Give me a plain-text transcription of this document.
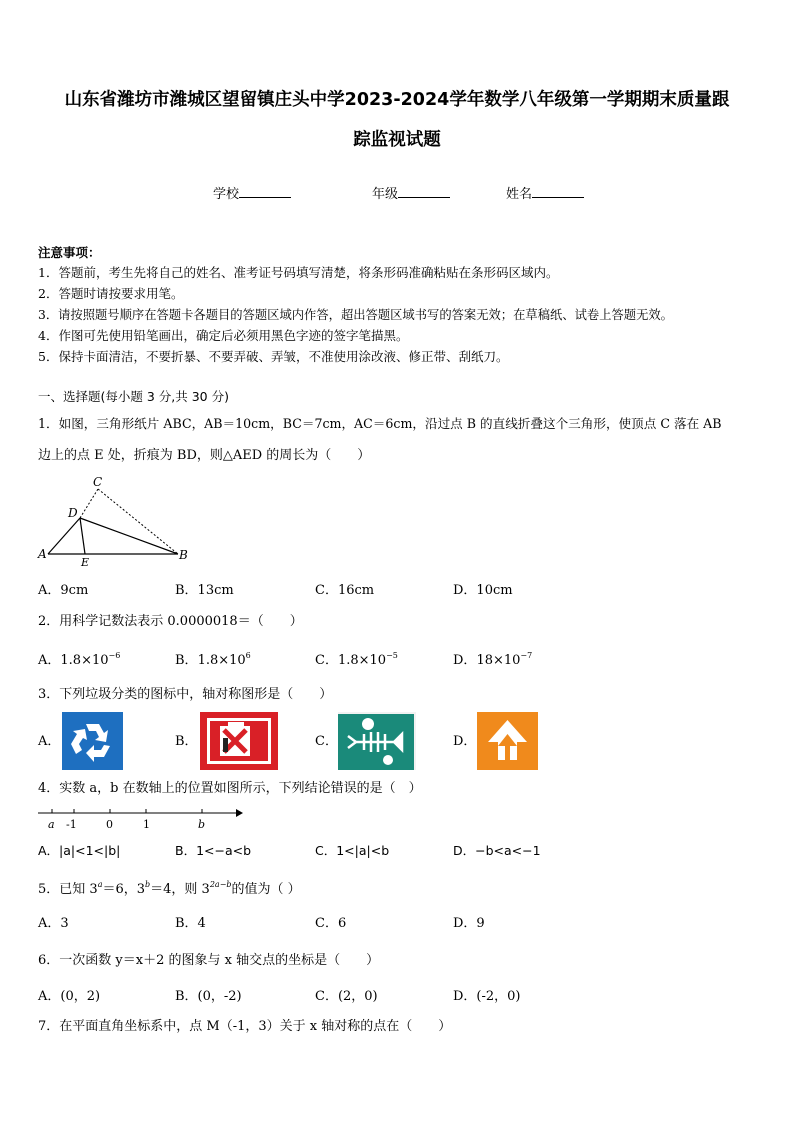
山东省潍坊市潍城区望留镇庄头中学2023-2024学年数学八年级第一学期期末质量跟
踪监视试题
学校	年级	姓名
注意事项：
1．答题前，考生先将自己的姓名、准考证号码填写清楚，将条形码准确粘贴在条形码区域内。
2．答题时请按要求用笔。
3．请按照题号顺序在答题卡各题目的答题区域内作答，超出答题区域书写的答案无效；在草稿纸、试卷上答题无效。
4．作图可先使用铅笔画出，确定后必须用黑色字迹的签字笔描黑。
5．保持卡面清洁，不要折暴、不要弄破、弄皱，不准使用涂改液、修正带、刮纸刀。
一、选择题(每小题 3 分,共 30 分)
1．如图，三角形纸片 ABC，AB＝10cm，BC＝7cm，AC＝6cm，沿过点 B 的直线折叠这个三角形，使顶点 C 落在 AB
边上的点 E 处，折痕为 BD，则△AED 的周长为（　　）
A	B
C
D
E
A．9cm	B．13cm	C．16cm	D．10cm
2．用科学记数法表示 0.0000018＝（　　）
A．$1.8\times 10^{-6}$	B．$1.8\times 10^6$	C．$1.8\times 10^{-5}$	D．$18\times 10^{-7}$
3．下列垃圾分类的图标中，轴对称图形是（　　）
A．	B．	C．	D．
4．实数 a，b 在数轴上的位置如图所示，下列结论错误的是（　）
a -1	0	1	b
A．|a|<1<|b|	B．1<−a<b	C．1<|a|<b	D．−b<a<−1
5．已知 $3^a=6$，$3^b=4$，则 $3^{2a-b}$的值为（ ）
A．3	B．4	C．6	D．9
6．一次函数 y＝x＋2 的图象与 x 轴交点的坐标是（　　）
A．(0，2)	B．(0，-2)	C．(2，0)	D．(-2，0)
7．在平面直角坐标系中，点 M（-1，3）关于 x 轴对称的点在（　　）
